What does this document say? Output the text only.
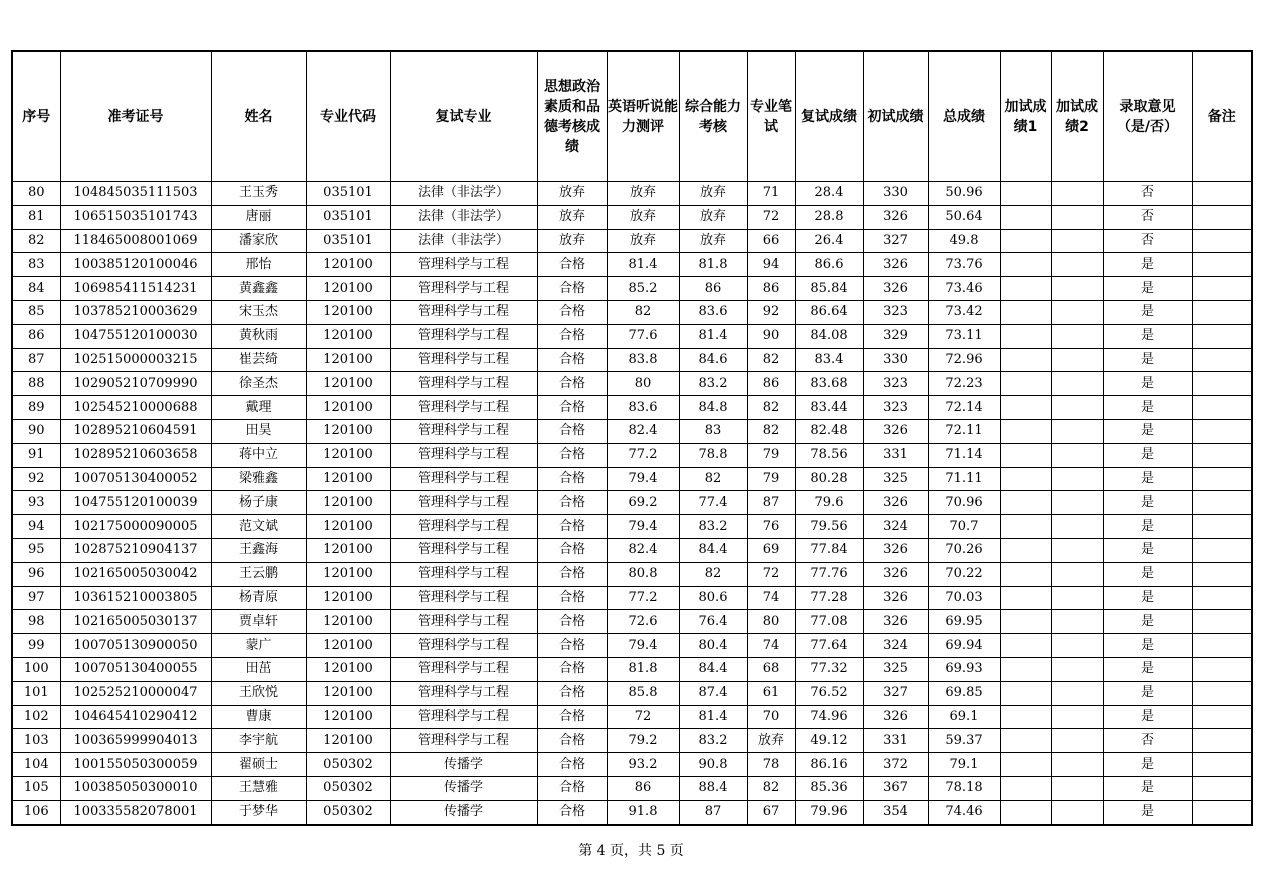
序号	准考证号	姓名	专业代码	复试专业	思想政治素质和品德考核成绩	英语听说能力测评	综合能力考核	专业笔试	复试成绩	初试成绩	总成绩	加试成绩1	加试成绩2	录取意见（是/否）	备注
80	104845035111503	王玉秀	035101	法律（非法学）	放弃	放弃	放弃	71	28.4	330	50.96			否	
81	106515035101743	唐丽	035101	法律（非法学）	放弃	放弃	放弃	72	28.8	326	50.64			否	
82	118465008001069	潘家欣	035101	法律（非法学）	放弃	放弃	放弃	66	26.4	327	49.8			否	
83	100385120100046	邢怡	120100	管理科学与工程	合格	81.4	81.8	94	86.6	326	73.76			是	
84	106985411514231	黄鑫鑫	120100	管理科学与工程	合格	85.2	86	86	85.84	326	73.46			是	
85	103785210003629	宋玉杰	120100	管理科学与工程	合格	82	83.6	92	86.64	323	73.42			是	
86	104755120100030	黄秋雨	120100	管理科学与工程	合格	77.6	81.4	90	84.08	329	73.11			是	
87	102515000003215	崔芸绮	120100	管理科学与工程	合格	83.8	84.6	82	83.4	330	72.96			是	
88	102905210709990	徐圣杰	120100	管理科学与工程	合格	80	83.2	86	83.68	323	72.23			是	
89	102545210000688	戴理	120100	管理科学与工程	合格	83.6	84.8	82	83.44	323	72.14			是	
90	102895210604591	田昊	120100	管理科学与工程	合格	82.4	83	82	82.48	326	72.11			是	
91	102895210603658	蒋中立	120100	管理科学与工程	合格	77.2	78.8	79	78.56	331	71.14			是	
92	100705130400052	梁雅鑫	120100	管理科学与工程	合格	79.4	82	79	80.28	325	71.11			是	
93	104755120100039	杨子康	120100	管理科学与工程	合格	69.2	77.4	87	79.6	326	70.96			是	
94	102175000090005	范文斌	120100	管理科学与工程	合格	79.4	83.2	76	79.56	324	70.7			是	
95	102875210904137	王鑫海	120100	管理科学与工程	合格	82.4	84.4	69	77.84	326	70.26			是	
96	102165005030042	王云鹏	120100	管理科学与工程	合格	80.8	82	72	77.76	326	70.22			是	
97	103615210003805	杨青原	120100	管理科学与工程	合格	77.2	80.6	74	77.28	326	70.03			是	
98	102165005030137	贾卓轩	120100	管理科学与工程	合格	72.6	76.4	80	77.08	326	69.95			是	
99	100705130900050	蒙广	120100	管理科学与工程	合格	79.4	80.4	74	77.64	324	69.94			是	
100	100705130400055	田茁	120100	管理科学与工程	合格	81.8	84.4	68	77.32	325	69.93			是	
101	102525210000047	王欣悦	120100	管理科学与工程	合格	85.8	87.4	61	76.52	327	69.85			是	
102	104645410290412	曹康	120100	管理科学与工程	合格	72	81.4	70	74.96	326	69.1			是	
103	100365999904013	李宇航	120100	管理科学与工程	合格	79.2	83.2	放弃	49.12	331	59.37			否	
104	100155050300059	翟硕士	050302	传播学	合格	93.2	90.8	78	86.16	372	79.1			是	
105	100385050300010	王慧雅	050302	传播学	合格	86	88.4	82	85.36	367	78.18			是	
106	100335582078001	于梦华	050302	传播学	合格	91.8	87	67	79.96	354	74.46			是	
第 4 页，共 5 页
